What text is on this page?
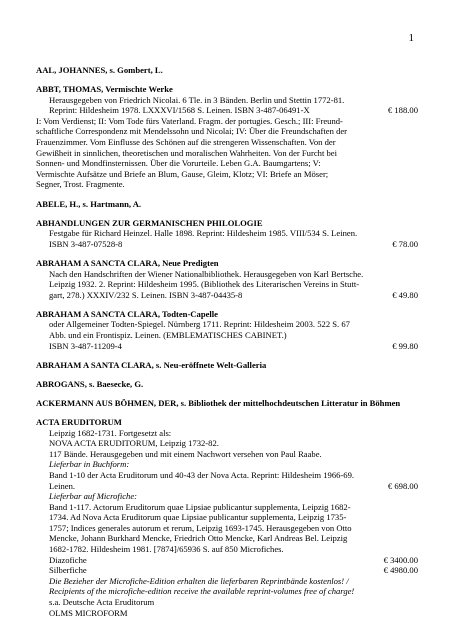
1
AAL, JOHANNES, s. Gombert, L.
ABBT, THOMAS, Vermischte Werke
Herausgegeben von Friedrich Nicolai. 6 Tle. in 3 Bänden. Berlin und Stettin 1772-81.
Reprint: Hildesheim 1978. LXXXVI/1568 S. Leinen. ISBN 3-487-06491-X	€ 188.00
I: Vom Verdienst; II: Vom Tode fürs Vaterland. Fragm. der portugies. Gesch.; III: Freund-
schaftliche Correspondenz mit Mendelssohn und Nicolai; IV: Über die Freundschaften der
Frauenzimmer. Vom Einflusse des Schönen auf die strengeren Wissenschaften. Von der
Gewißheit in sinnlichen, theoretischen und moralischen Wahrheiten. Von der Furcht bei
Sonnen- und Mondfinsternissen. Über die Vorurteile. Leben G.A. Baumgartens; V:
Vermischte Aufsätze und Briefe an Blum, Gause, Gleim, Klotz; VI: Briefe an Möser;
Segner, Trost. Fragmente.
ABELE, H., s. Hartmann, A.
ABHANDLUNGEN ZUR GERMANISCHEN PHILOLOGIE
Festgabe für Richard Heinzel. Halle 1898. Reprint: Hildesheim 1985. VIII/534 S. Leinen.
ISBN 3-487-07528-8	€ 78.00
ABRAHAM A SANCTA CLARA, Neue Predigten
Nach den Handschriften der Wiener Nationalbibliothek. Herausgegeben von Karl Bertsche.
Leipzig 1932. 2. Reprint: Hildesheim 1995. (Bibliothek des Literarischen Vereins in Stutt-
gart, 278.) XXXIV/232 S. Leinen. ISBN 3-487-04435-8	€ 49.80
ABRAHAM A SANCTA CLARA, Todten-Capelle
oder Allgemeiner Todten-Spiegel. Nürnberg 1711. Reprint: Hildesheim 2003. 522 S. 67
Abb. und ein Frontispiz. Leinen. (EMBLEMATISCHES CABINET.)
ISBN 3-487-11209-4	€ 99.80
ABRAHAM A SANTA CLARA, s. Neu-eröffnete Welt-Galleria
ABROGANS, s. Baesecke, G.
ACKERMANN AUS BÖHMEN, DER, s. Bibliothek der mittelhochdeutschen Litteratur in Böhmen
ACTA ERUDITORUM
Leipzig 1682-1731. Fortgesetzt als:
NOVA ACTA ERUDITORUM, Leipzig 1732-82.
117 Bände. Herausgegeben und mit einem Nachwort versehen von Paul Raabe.
Lieferbar in Buchform:
Band 1-10 der Acta Eruditorum und 40-43 der Nova Acta. Reprint: Hildesheim 1966-69.
Leinen.	€ 698.00
Lieferbar auf Microfiche:
Band 1-117. Actorum Eruditorum quae Lipsiae publicantur supplementa, Leipzig 1682-
1734. Ad Nova Acta Eruditorum quae Lipsiae publicantur supplementa, Leipzig 1735-
1757; Indices generales autorum et rerum, Leipzig 1693-1745. Herausgegeben von Otto
Mencke, Johann Burkhard Mencke, Friedrich Otto Mencke, Karl Andreas Bel. Leipzig
1682-1782. Hildesheim 1981. [7874]/65936 S. auf 850 Microfiches.
Diazofiche	€ 3400.00
Silberfiche	€ 4980.00
Die Bezieher der Microfiche-Edition erhalten die lieferbaren Reprintbände kostenlos! /
Recipients of the microfiche-edition receive the available reprint-volumes free of charge!
s.a. Deutsche Acta Eruditorum
OLMS MICROFORM
